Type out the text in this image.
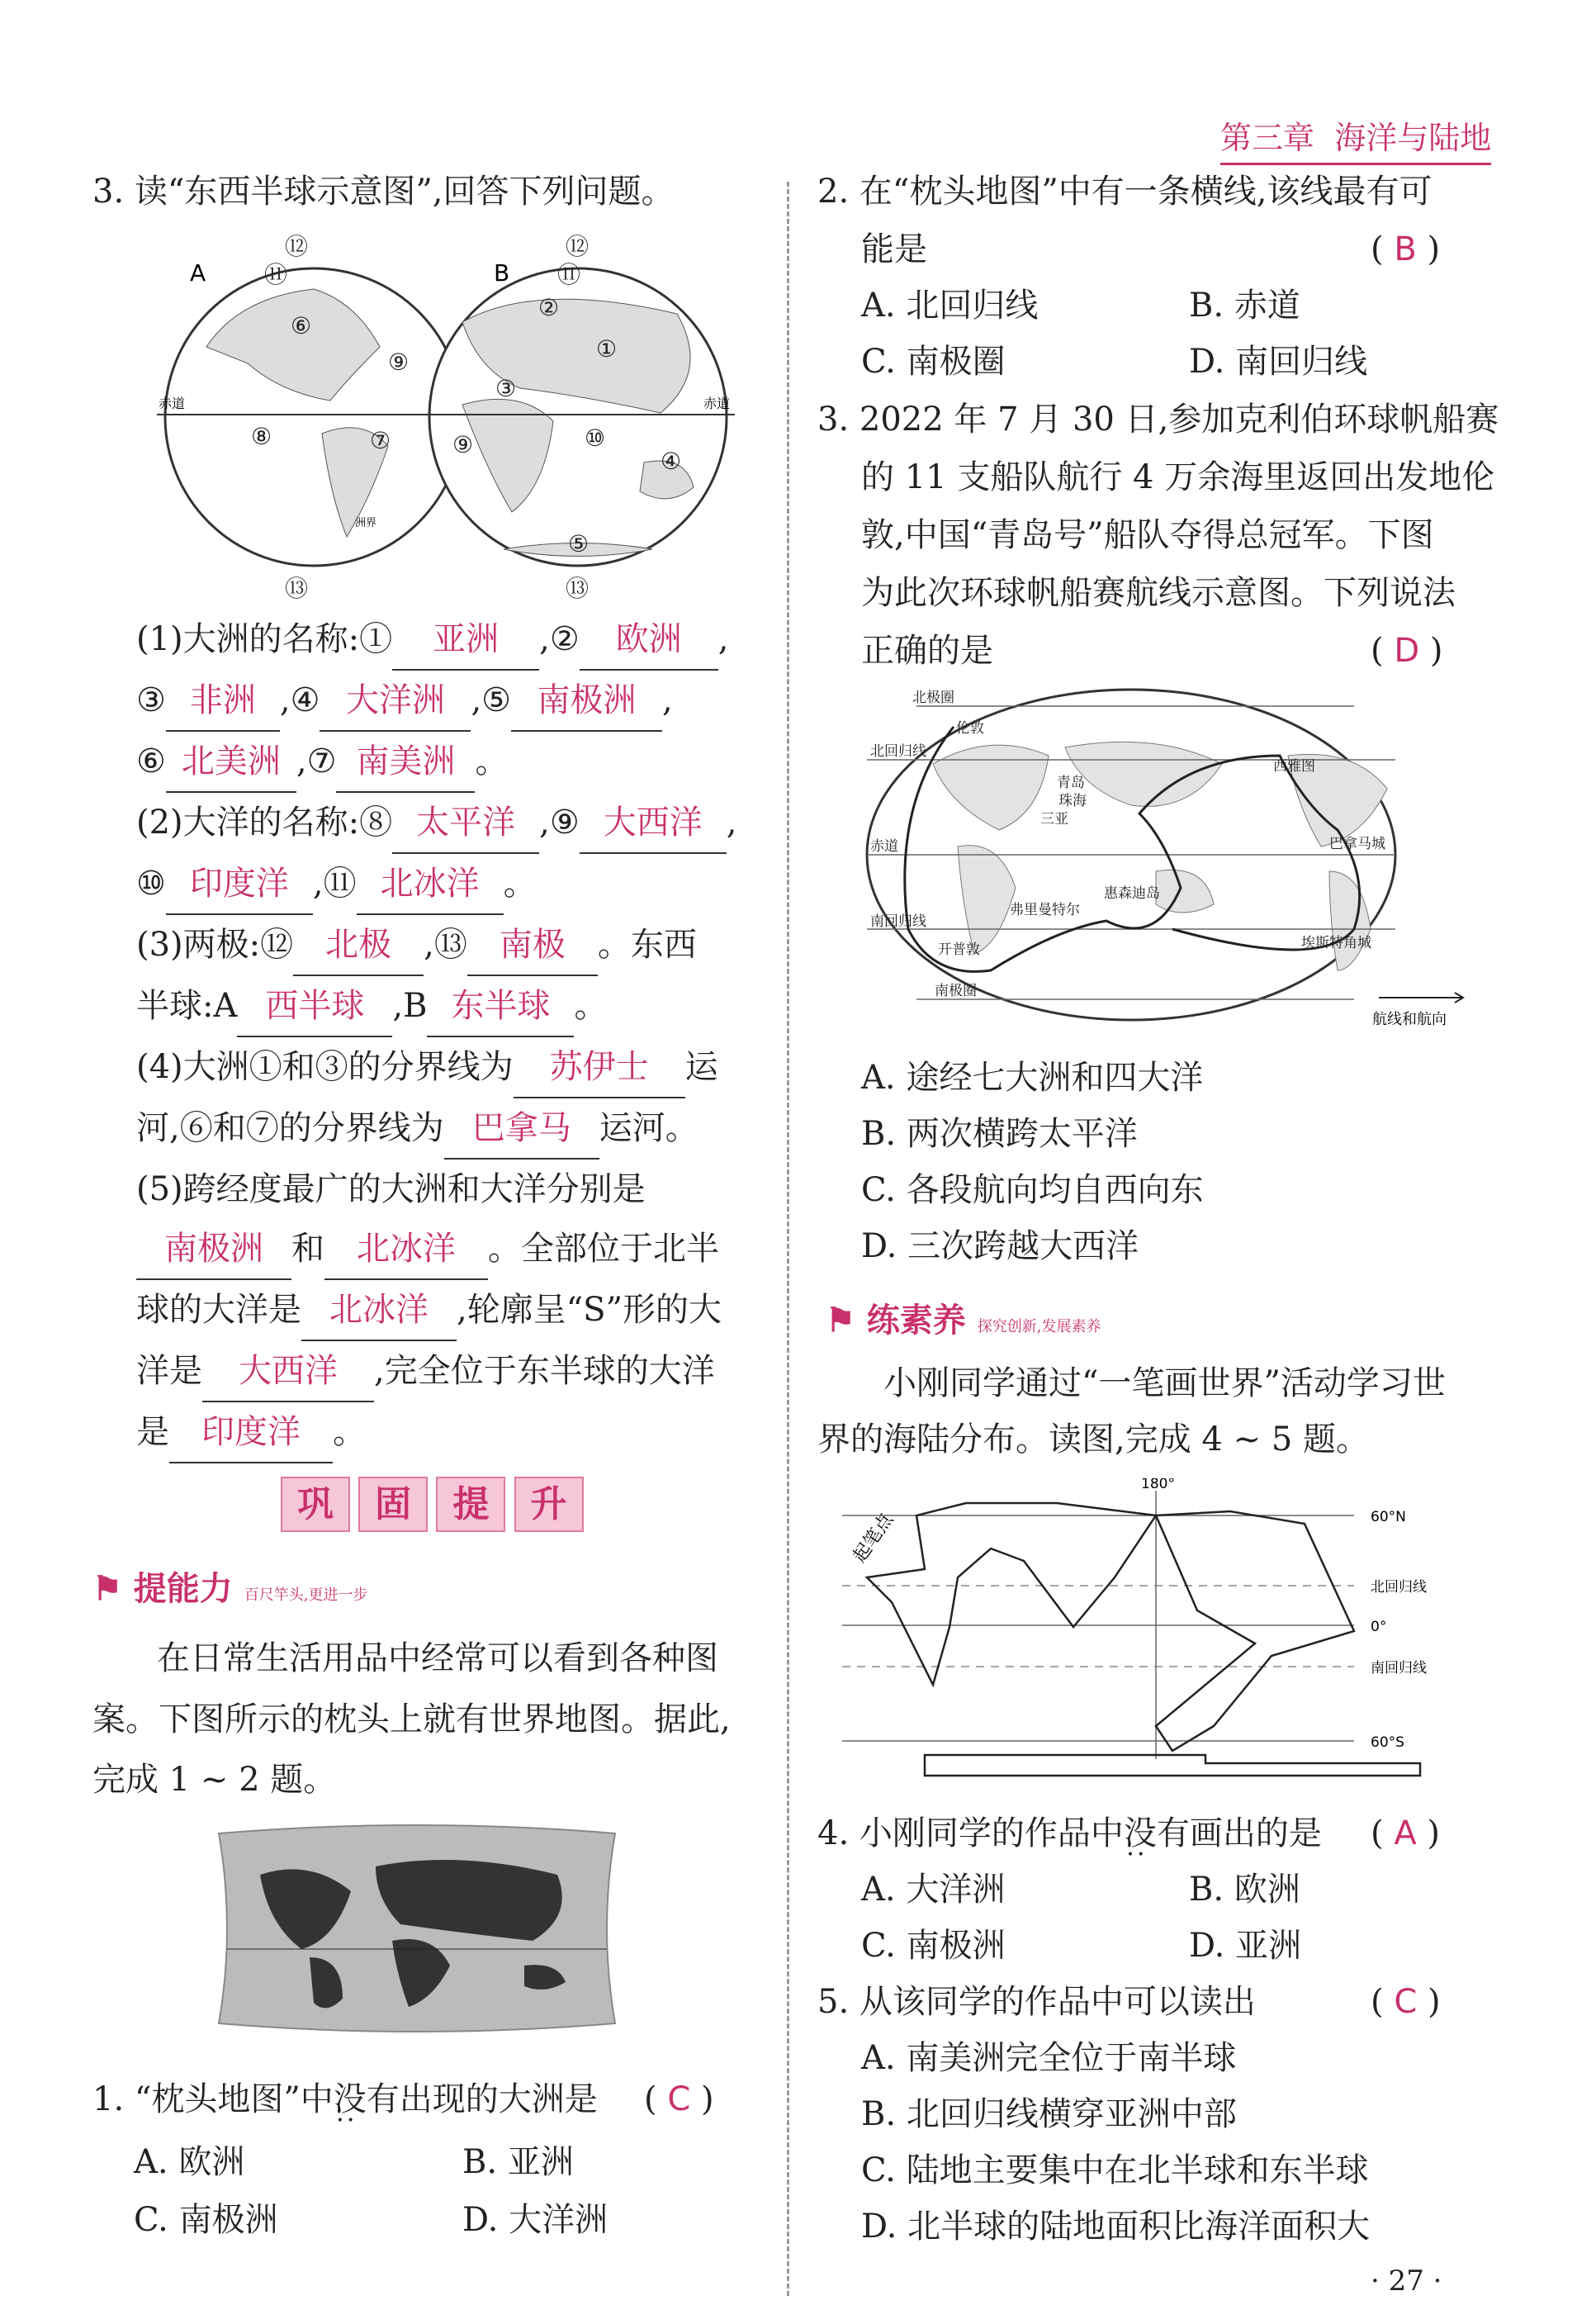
第三章 海洋与陆地
3. 读“东西半球示意图”,回答下列问题。
赤道	赤道
A	B
洲界
⑫	⑫
⑪	⑪
⑥
⑨
②
①
③
⑧	⑦	⑨	⑩
④
⑤
⑬	⑬
(1)大洲的名称:① 亚洲 ,② 欧洲 ,
③ 非洲 ,④ 大洋洲 ,⑤ 南极洲 ,
⑥ 北美洲 ,⑦ 南美洲 。
(2)大洋的名称:⑧ 太平洋 ,⑨ 大西洋 ,
⑩ 印度洋 ,⑪ 北冰洋 。
(3)两极:⑫ 北极 ,⑬ 南极 。东西
半球:A 西半球 ,B 东半球 。
(4)大洲①和③的分界线为 苏伊士 运
河,⑥和⑦的分界线为 巴拿马 运河。
(5)跨经度最广的大洲和大洋分别是
南极洲 和 北冰洋 。全部位于北半
球的大洋是 北冰洋 ,轮廓呈“S”形的大
洋是 大西洋 ,完全位于东半球的大洋
是 印度洋 。
巩 固 提 升
⚑ 提能力 百尺竿头,更进一步
在日常生活用品中经常可以看到各种图
案。下图所示的枕头上就有世界地图。据此,
完成 1 ~ 2 题。
1. “枕头地图”中没有 • •出现的大洲是 ( C )
A. 欧洲	B. 亚洲
C. 南极洲	D. 大洋洲
2. 在“枕头地图”中有一条横线,该线最有可
能是	( B )
A. 北回归线	B. 赤道
C. 南极圈	D. 南回归线
3. 2022 年 7 月 30 日,参加克利伯环球帆船赛
的 11 支船队航行 4 万余海里返回出发地伦
敦,中国“青岛号”船队夺得总冠军。下图
为此次环球帆船赛航线示意图。下列说法
正确的是	( D )
北极圈
伦敦
北回归线
青岛
珠海
三亚
西雅图
巴拿马城
赤道
南回归线
弗里曼特尔
惠森迪岛
开普敦	埃斯特角城
南极圈
航线和航向
A. 途经七大洲和四大洋
B. 两次横跨太平洋
C. 各段航向均自西向东
D. 三次跨越大西洋
⚑ 练素养 探究创新,发展素养
小刚同学通过“一笔画世界”活动学习世
界的海陆分布。读图,完成 4 ~ 5 题。
起笔点
180°
60°N
北回归线
0°
南回归线
60°S
4. 小刚同学的作品中没有 • •画出的是 ( A )
A. 大洋洲	B. 欧洲
C. 南极洲	D. 亚洲
5. 从该同学的作品中可以读出	( C )
A. 南美洲完全位于南半球
B. 北回归线横穿亚洲中部
C. 陆地主要集中在北半球和东半球
D. 北半球的陆地面积比海洋面积大
· 27 ·
